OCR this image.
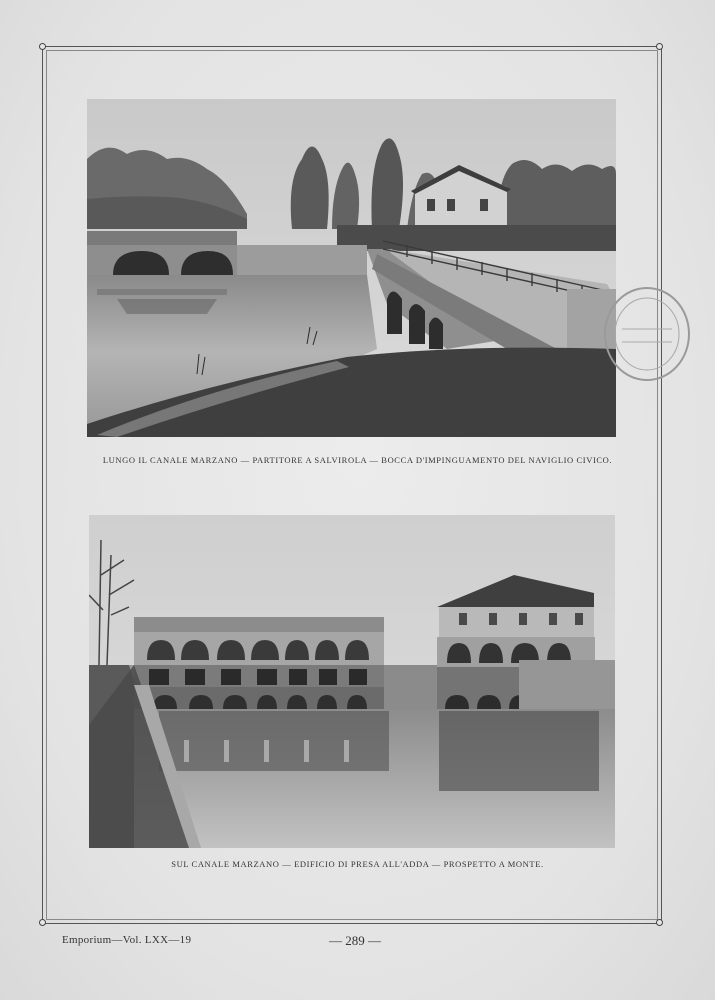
LUNGO IL CANALE MARZANO — PARTITORE A SALVIROLA — BOCCA D'IMPINGUAMENTO DEL NAVIGLIO CIVICO.
SUL CANALE MARZANO — EDIFICIO DI PRESA ALL'ADDA — PROSPETTO A MONTE.
Emporium—Vol. LXX—19	— 289 —
